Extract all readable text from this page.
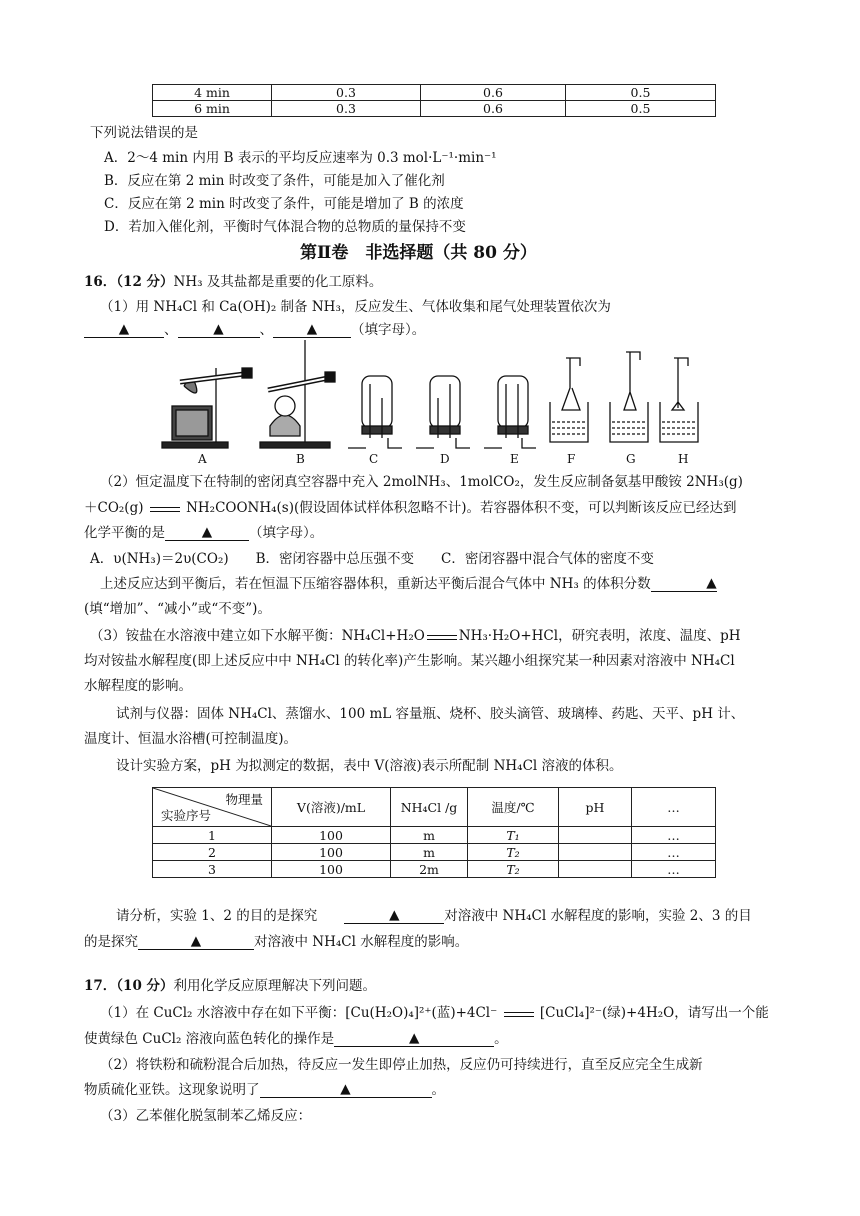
4 min	0.3	0.6	0.5
6 min	0.3	0.6	0.5
下列说法错误的是
A．2～4 min 内用 B 表示的平均反应速率为 0.3 mol·L⁻¹·min⁻¹
B．反应在第 2 min 时改变了条件，可能是加入了催化剂
C．反应在第 2 min 时改变了条件，可能是增加了 B 的浓度
D．若加入催化剂，平衡时气体混合物的总物质的量保持不变
第Ⅱ卷　非选择题（共 80 分）
16．（12 分）NH₃ 及其盐都是重要的化工原料。
（1）用 NH₄Cl 和 Ca(OH)₂ 制备 NH₃，反应发生、气体收集和尾气处理装置依次为
▲	、	▲	、	▲	（填字母）。
A	B	C	D	E	F	G	H
（2）恒定温度下在特制的密闭真空容器中充入 2molNH₃、1molCO₂，发生反应制备氨基甲酸铵 2NH₃(g)
＋CO₂(g)	NH₂COONH₄(s)(假设固体试样体积忽略不计)。若容器体积不变，可以判断该反应已经达到
化学平衡的是	▲	（填字母）。
A．υ(NH₃)＝2υ(CO₂)　　B．密闭容器中总压强不变　　C．密闭容器中混合气体的密度不变
上述反应达到平衡后，若在恒温下压缩容器体积，重新达平衡后混合气体中 NH₃ 的体积分数	▲
(填“增加”、“减小”或“不变”)。
（3）铵盐在水溶液中建立如下水解平衡：NH₄Cl+H₂O	NH₃·H₂O+HCl，研究表明，浓度、温度、pH
均对铵盐水解程度(即上述反应中中 NH₄Cl 的转化率)产生影响。某兴趣小组探究某一种因素对溶液中 NH₄Cl
水解程度的影响。
试剂与仪器：固体 NH₄Cl、蒸馏水、100 mL 容量瓶、烧杯、胶头滴管、玻璃棒、药匙、天平、pH 计、
温度计、恒温水浴槽(可控制温度)。
设计实验方案，pH 为拟测定的数据，表中 V(溶液)表示所配制 NH₄Cl 溶液的体积。
物理量
实验序号	V(溶液)/mL	NH₄Cl /g	温度/℃	pH	…
1	100	m	T₁		…
2	100	m	T₂		…
3	100	2m	T₂		…
请分析，实验 1、2 的目的是探究　　	▲	对溶液中 NH₄Cl 水解程度的影响，实验 2、3 的目
的是探究	▲	对溶液中 NH₄Cl 水解程度的影响。
17．（10 分）利用化学反应原理解决下列问题。
（1）在 CuCl₂ 水溶液中存在如下平衡：[Cu(H₂O)₄]²⁺(蓝)+4Cl⁻	[CuCl₄]²⁻(绿)+4H₂O，请写出一个能
使黄绿色 CuCl₂ 溶液向蓝色转化的操作是	▲	。
（2）将铁粉和硫粉混合后加热，待反应一发生即停止加热，反应仍可持续进行，直至反应完全生成新
物质硫化亚铁。这现象说明了	▲	。
（3）乙苯催化脱氢制苯乙烯反应：
